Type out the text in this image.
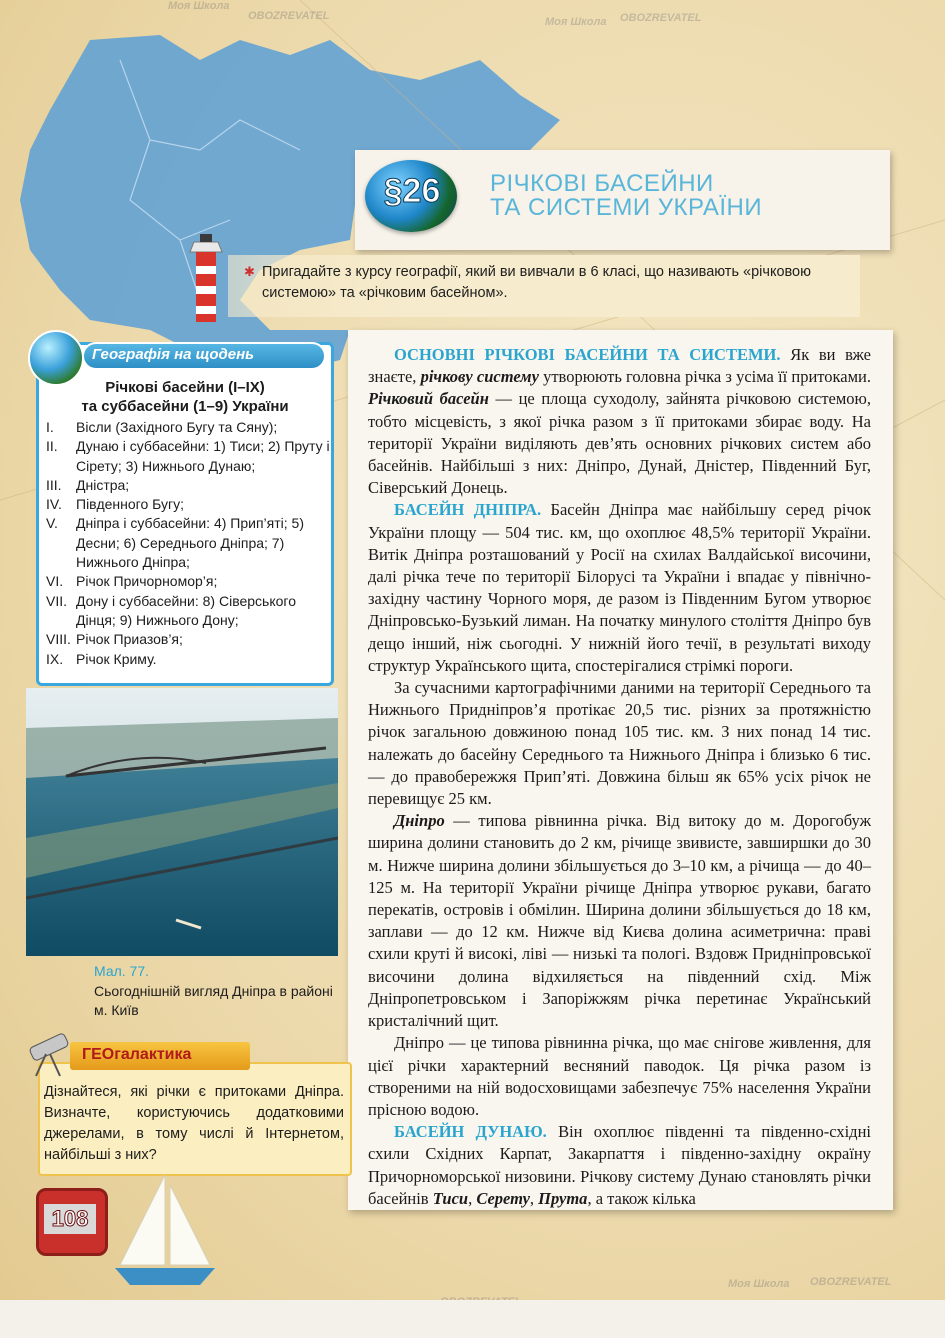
§26	РІЧКОВІ БАСЕЙНИ
ТА СИСТЕМИ УКРАЇНИ
✱ Пригадайте з курсу географії, який ви вивчали в 6 класі, що називають «річковою системою» та «річковим басейном».

ОСНОВНІ РІЧКОВІ БАСЕЙНИ ТА СИСТЕМИ. Як ви вже знаєте, річкову систему утворюють головна річка з усіма її притоками. Річковий басейн — це площа суходолу, зайнята річковою системою, тобто місцевість, з якої річка разом з її притоками збирає воду. На території України виділяють дев’ять основних річкових систем або басейнів. Найбільші з них: Дніпро, Дунай, Дністер, Південний Буг, Сіверський Донець.

БАСЕЙН ДНІПРА. Басейн Дніпра має найбільшу серед річок України площу — 504 тис. км, що охоплює 48,5% території України. Витік Дніпра розташований у Росії на схилах Валдайської височини, далі річка тече по території Білорусі та України і впадає у північно-західну частину Чорного моря, де разом із Південним Бугом утворює Дніпровсько-Бузький лиман. На початку минулого століття Дніпро був дещо інший, ніж сьогодні. У нижній його течії, в результаті виходу структур Українського щита, спостерігалися стрімкі пороги.

За сучасними картографічними даними на території Середнього та Нижнього Придніпров’я протікає 20,5 тис. різних за протяжністю річок загальною довжиною понад 105 тис. км. З них понад 14 тис. належать до басейну Середнього та Нижнього Дніпра і близько 6 тис. — до правобережжя Прип’яті. Довжина більш як 65% усіх річок не перевищує 25 км.

Дніпро — типова рівнинна річка. Від витоку до м. Дорогобуж ширина долини становить до 2 км, річище звивисте, завширшки до 30 м. Нижче ширина долини збільшується до 3–10 км, а річища — до 40–125 м. На території України річище Дніпра утворює рукави, багато перекатів, островів і обмілин. Ширина долини збільшується до 18 км, заплави — до 12 км. Нижче від Києва долина асиметрична: праві схили круті й високі, ліві — низькі та пологі. Вздовж Придніпровської височини долина відхиляється на південний схід. Між Дніпропетровськом і Запоріжжям річка перетинає Український кристалічний щит.

Дніпро — це типова рівнинна річка, що має снігове живлення, для цієї річки характерний весняний паводок. Ця річка разом із створеними на ній водосховищами забезпечує 75% населення України прісною водою.

БАСЕЙН ДУНАЮ. Він охоплює південні та південно-східні схили Східних Карпат, Закарпаття і південно-західну окраїну Причорноморської низовини. Річкову систему Дунаю становлять річки басейнів Тиси, Серету, Прута, а також кілька

Географія на щодень
Річкові басейни (I–IX)
та суббасейни (1–9) України
I.	Вісли (Західного Бугу та Сяну);
II.	Дунаю і суббасейни: 1) Тиси; 2) Пруту і Сірету; 3) Нижнього Дунаю;
III.	Дністра;
IV.	Південного Бугу;
V.	Дніпра і суббасейни: 4) Прип’яті; 5) Десни; 6) Середнього Дніпра; 7) Нижнього Дніпра;
VI. Річок Причорномор’я;
VII. Дону і суббасейни: 8) Сіверського Дінця; 9) Нижнього Дону;
VIII. Річок Приазов’я;
IX. Річок Криму.
Мал. 77.
Сьогоднішній вигляд Дніпра в районі м. Київ
ГЕОгалактика
Дізнайтеся, які річки є притоками Дніпра. Визначте, користуючись додатковими джерелами, в тому числі й Інтернетом, найбільші з них?
108
Моя Школа
OBOZREVATEL	Моя Школа OBOZREVATEL
Моя Школа OBOZREVATEL
